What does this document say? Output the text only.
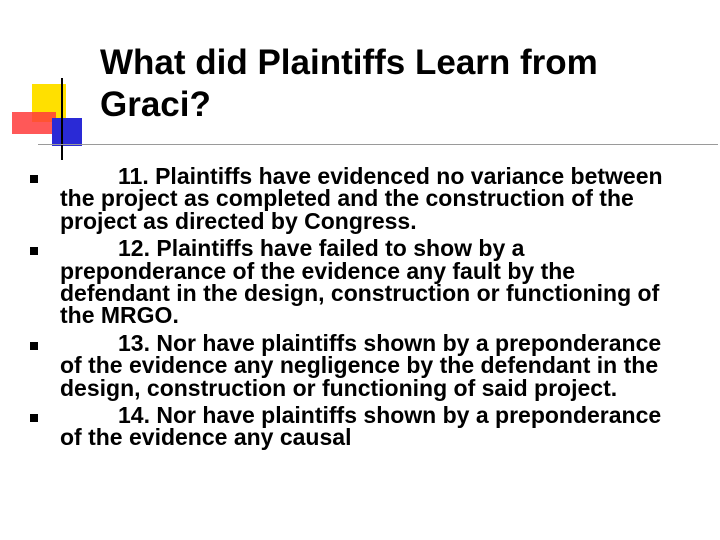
What did Plaintiffs Learn from Graci?
11. Plaintiffs have evidenced no variance between the project as completed and the construction of the project as directed by Congress.
12. Plaintiffs have failed to show by a preponderance of the evidence any fault by the defendant in the design, construction or functioning of the MRGO.
13. Nor have plaintiffs shown by a preponderance of the evidence any negligence by the defendant in the design, construction or functioning of said project.
14. Nor have plaintiffs shown by a preponderance of the evidence any causal
